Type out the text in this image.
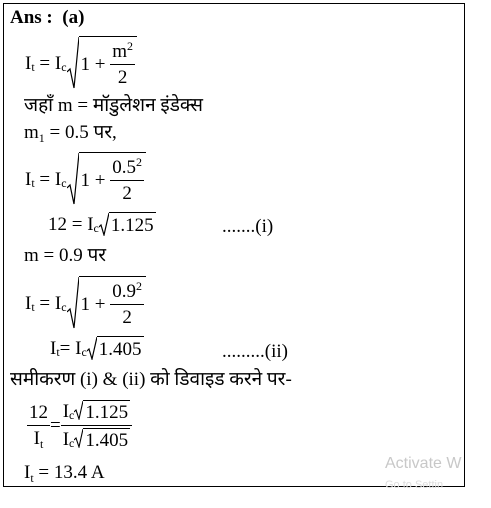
Ans : (a)
I t = I c 1 +
$\frac{m^2}{2}$
जहाँ m = मॉडुलेशन इंडेक्स
$m_1 = 0.5$ पर,
I t = I c 1 +
$\frac{0.5^2}{2}$
12 = I c 1.125	.......(i)
m = 0.9 पर
I t = I c 1 +
$\frac{0.9^2}{2}$
I t = I c 1.405	.........(ii)
समीकरण (i) & (ii) को डिवाइड करने पर-
$\frac{12}{I_t} = \frac{\text{I c 1.125}}{\text{I c 1.405}}$
$I_t = 13.4$ A	Activate W
Go to Settin
